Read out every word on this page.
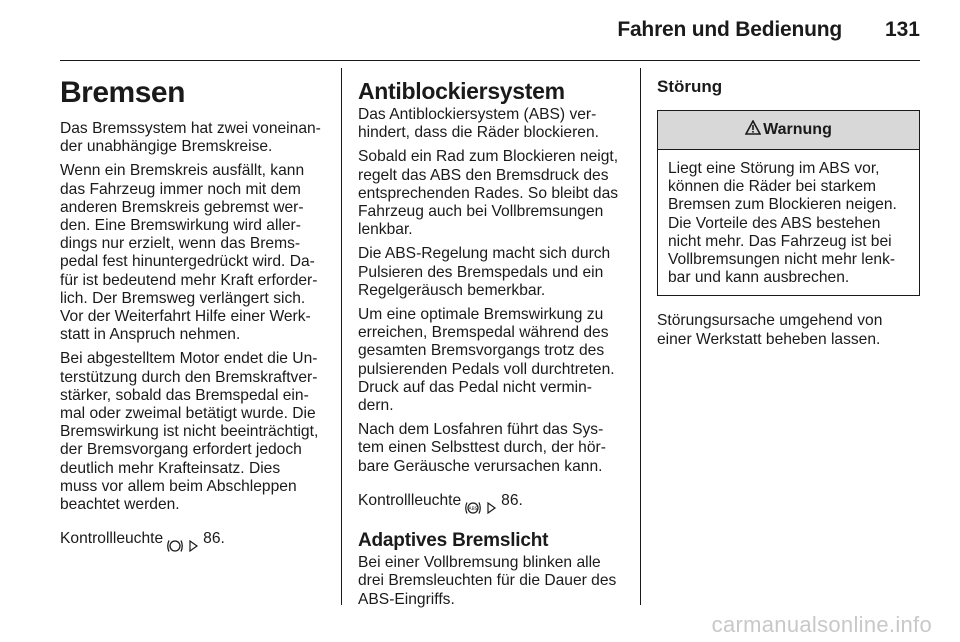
Fahren und Bedienung 131
Bremsen

Das Bremssystem hat zwei voneinan-
der unabhängige Bremskreise.

Wenn ein Bremskreis ausfällt, kann
das Fahrzeug immer noch mit dem
anderen Bremskreis gebremst wer-
den. Eine Bremswirkung wird aller-
dings nur erzielt, wenn das Brems-
pedal fest hinuntergedrückt wird. Da-
für ist bedeutend mehr Kraft erforder-
lich. Der Bremsweg verlängert sich.
Vor der Weiterfahrt Hilfe einer Werk-
statt in Anspruch nehmen.

Bei abgestelltem Motor endet die Un-
terstützung durch den Bremskraftver-
stärker, sobald das Bremspedal ein-
mal oder zweimal betätigt wurde. Die
Bremswirkung ist nicht beeinträchtigt,
der Bremsvorgang erfordert jedoch
deutlich mehr Krafteinsatz. Dies
muss vor allem beim Abschleppen
beachtet werden.

Kontrollleuchte	86.

Antiblockiersystem

Das Antiblockiersystem (ABS) ver-
hindert, dass die Räder blockieren.

Sobald ein Rad zum Blockieren neigt,
regelt das ABS den Bremsdruck des
entsprechenden Rades. So bleibt das
Fahrzeug auch bei Vollbremsungen
lenkbar.

Die ABS-Regelung macht sich durch
Pulsieren des Bremspedals und ein
Regelgeräusch bemerkbar.

Um eine optimale Bremswirkung zu
erreichen, Bremspedal während des
gesamten Bremsvorgangs trotz des
pulsierenden Pedals voll durchtreten.
Druck auf das Pedal nicht vermin-
dern.

Nach dem Losfahren führt das Sys-
tem einen Selbsttest durch, der hör-
bare Geräusche verursachen kann.

Kontrollleuchte

ABS

86.

Adaptives Bremslicht

Bei einer Vollbremsung blinken alle
drei Bremsleuchten für die Dauer des
ABS-Eingriffs.

Störung
Warnung
Liegt eine Störung im ABS vor,
können die Räder bei starkem
Bremsen zum Blockieren neigen.
Die Vorteile des ABS bestehen
nicht mehr. Das Fahrzeug ist bei
Vollbremsungen nicht mehr lenk-
bar und kann ausbrechen.

Störungsursache umgehend von
einer Werkstatt beheben lassen.

carmanualsonline.info
